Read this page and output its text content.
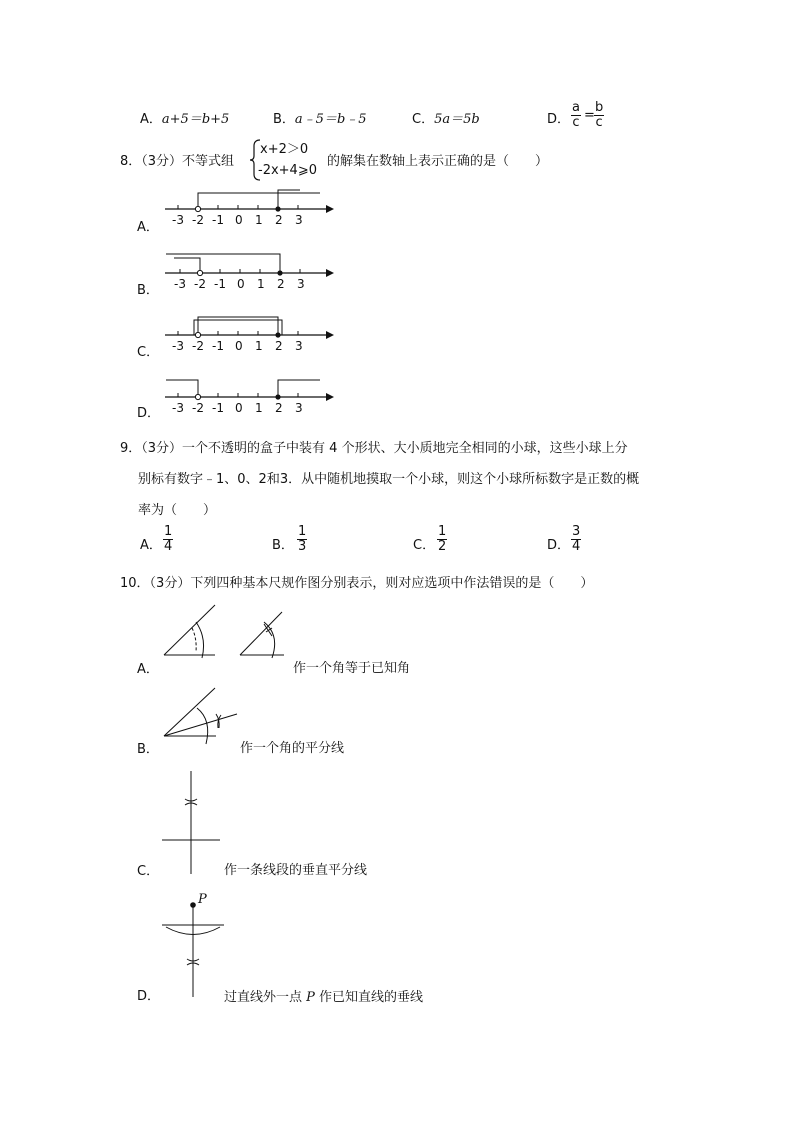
A．a+5＝b+5	B．a﹣5＝b﹣5	C．5a＝5b	D． $\frac{a}{c} = \frac{b}{c}$
8．（3分）不等式组
x+2＞0
-2x+4⩾0
的解集在数轴上表示正确的是（　　）
A． -3 -2 -1 0 1 2 3
B． -3 -2 -1 0 1 2 3
C． -3 -2 -1 0 1 2 3
D． -3 -2 -1 0 1 2 3
9．（3分）一个不透明的盒子中装有 4 个形状、大小质地完全相同的小球，这些小球上分
别标有数字﹣1、0、2和3．从中随机地摸取一个小球，则这个小球所标数字是正数的概
率为（　　）
A． $\frac{1}{4}$	B． $\frac{1}{3}$	C． $\frac{1}{2}$	D． $\frac{3}{4}$
10．（3分）下列四种基本尺规作图分别表示，则对应选项中作法错误的是（　　）
A．	作一个角等于已知角
B．	作一个角的平分线
C．	作一条线段的垂直平分线
D．
P
过直线外一点 P 作已知直线的垂线
